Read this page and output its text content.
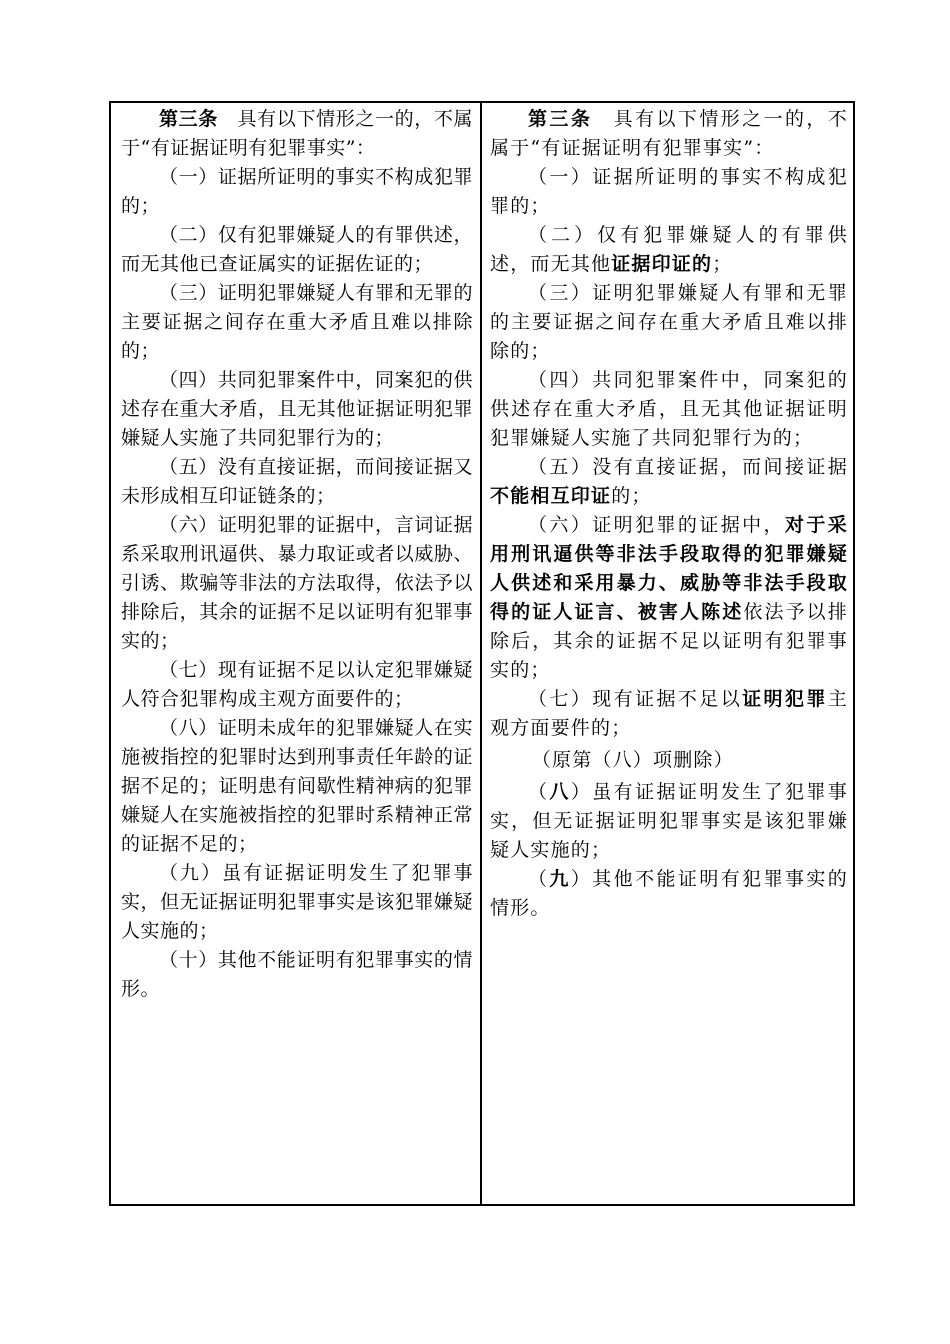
第三条　 具有以下情形之一的，不属于“有证据证明有犯罪事实”：

（一）证据所证明的事实不构成犯罪的；

（二）仅有犯罪嫌疑人的有罪供述，而无其他已查证属实的证据佐证的；

（三）证明犯罪嫌疑人有罪和无罪的主要证据之间存在重大矛盾且难以排除的；

（四）共同犯罪案件中，同案犯的供述存在重大矛盾，且无其他证据证明犯罪嫌疑人实施了共同犯罪行为的；

（五）没有直接证据，而间接证据又未形成相互印证链条的；

（六）证明犯罪的证据中，言词证据系采取刑讯逼供、暴力取证或者以威胁、引诱、欺骗等非法的方法取得，依法予以排除后，其余的证据不足以证明有犯罪事实的；

（七）现有证据不足以认定犯罪嫌疑人符合犯罪构成主观方面要件的；

（八）证明未成年的犯罪嫌疑人在实施被指控的犯罪时达到刑事责任年龄的证据不足的；证明患有间歇性精神病的犯罪嫌疑人在实施被指控的犯罪时系精神正常的证据不足的；

（九）虽有证据证明发生了犯罪事实，但无证据证明犯罪事实是该犯罪嫌疑人实施的；

（十）其他不能证明有犯罪事实的情形。

第三条　 具有以下情形之一的，不属于“有证据证明有犯罪事实”：

（一）证据所证明的事实不构成犯罪的；

（二）仅有犯罪嫌疑人的有罪供述，而无其他证据印证的；

（三）证明犯罪嫌疑人有罪和无罪的主要证据之间存在重大矛盾且难以排除的；

（四）共同犯罪案件中，同案犯的供述存在重大矛盾，且无其他证据证明犯罪嫌疑人实施了共同犯罪行为的；

（五）没有直接证据，而间接证据不能相互印证的；

（六）证明犯罪的证据中，对于采用刑讯逼供等非法手段取得的犯罪嫌疑人供述和采用暴力、威胁等非法手段取得的证人证言、被害人陈述依法予以排除后，其余的证据不足以证明有犯罪事实的；

（七）现有证据不足以证明犯罪主观方面要件的；

（原第（八）项删除）

（八）虽有证据证明发生了犯罪事实，但无证据证明犯罪事实是该犯罪嫌疑人实施的；

（九）其他不能证明有犯罪事实的情形。
